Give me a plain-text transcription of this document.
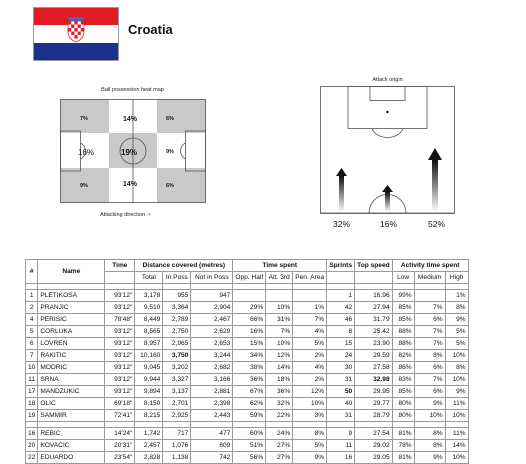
Croatia
Ball possession heat map
7%	14%	6%
16%	19%	9%
9%	14%	6%
Attacking direction ➜
Attack origin
32%	16%	52%
#	Name	Time	Distance covered (metres)			Time spent			Sprints	Top speed	Activity time spent		
			Total	In Poss	Not in Poss	Opp. Half	Att. 3rd	Pen. Area			Low	Medium	High

1	PLETIKOSA	93'12"	3,178	955	947				1	16.96	99%		1%
2	PRANJIC	93'12"	9,510	3,364	2,904	29%	10%	1%	42	27.94	85%	7%	8%
4	PERISIC	78'48"	8,449	2,789	2,467	66%	31%	7%	46	31.79	85%	6%	9%
5	CORLUKA	93'12"	8,565	2,750	2,629	16%	7%	4%	8	25.42	88%	7%	5%
6	LOVREN	93'12"	8,957	2,965	2,653	15%	10%	5%	15	23.90	88%	7%	5%
7	RAKITIC	93'12"	10,160	3,750	3,244	34%	12%	2%	24	29.59	82%	8%	10%
10	MODRIC	93'12"	9,045	3,202	2,682	38%	14%	4%	30	27.58	86%	6%	8%
11	SRNA	93'12"	9,944	3,327	3,166	36%	18%	2%	31	32.98	83%	7%	10%
17	MANDZUKIC	93'12"	9,894	3,137	2,881	67%	36%	12%	50	29.95	85%	6%	9%
18	OLIC	69'18"	8,150	2,701	2,398	62%	32%	10%	40	29.77	80%	9%	11%
19	SAMMIR	72'41"	8,215	2,925	2,443	59%	22%	3%	31	28.79	80%	10%	10%

16	REBIC	14'24"	1,742	717	477	60%	24%	8%	9	27.54	81%	8%	11%
20	KOVACIC	20'31"	2,457	1,076	609	51%	27%	5%	11	29.02	78%	8%	14%
22	EDUARDO	23'54"	2,828	1,138	742	56%	27%	9%	16	29.05	81%	9%	10%
